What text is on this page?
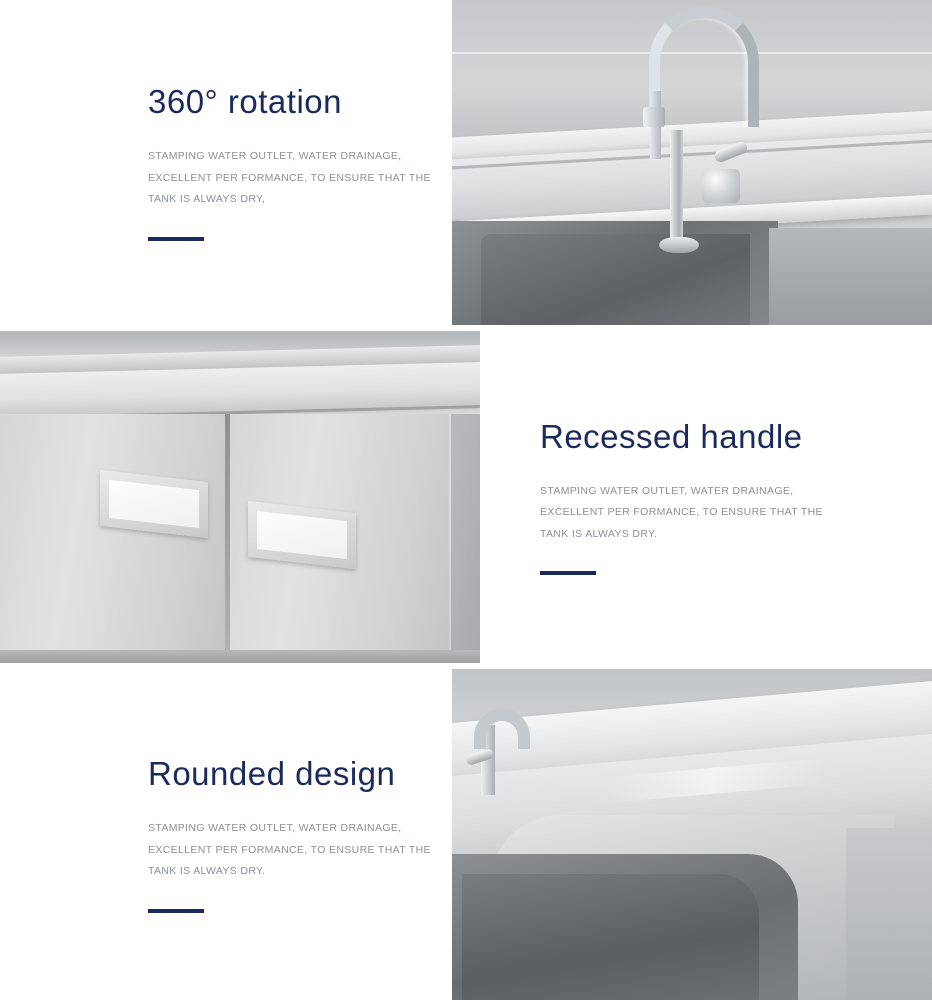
360° rotation
STAMPING WATER OUTLET, WATER DRAINAGE, EXCELLENT PER FORMANCE, TO ENSURE THAT THE TANK IS ALWAYS DRY,
Recessed handle
STAMPING WATER OUTLET, WATER DRAINAGE, EXCELLENT PER FORMANCE, TO ENSURE THAT THE TANK IS ALWAYS DRY.
Rounded design
STAMPING WATER OUTLET, WATER DRAINAGE, EXCELLENT PER FORMANCE, TO ENSURE THAT THE TANK IS ALWAYS DRY.
